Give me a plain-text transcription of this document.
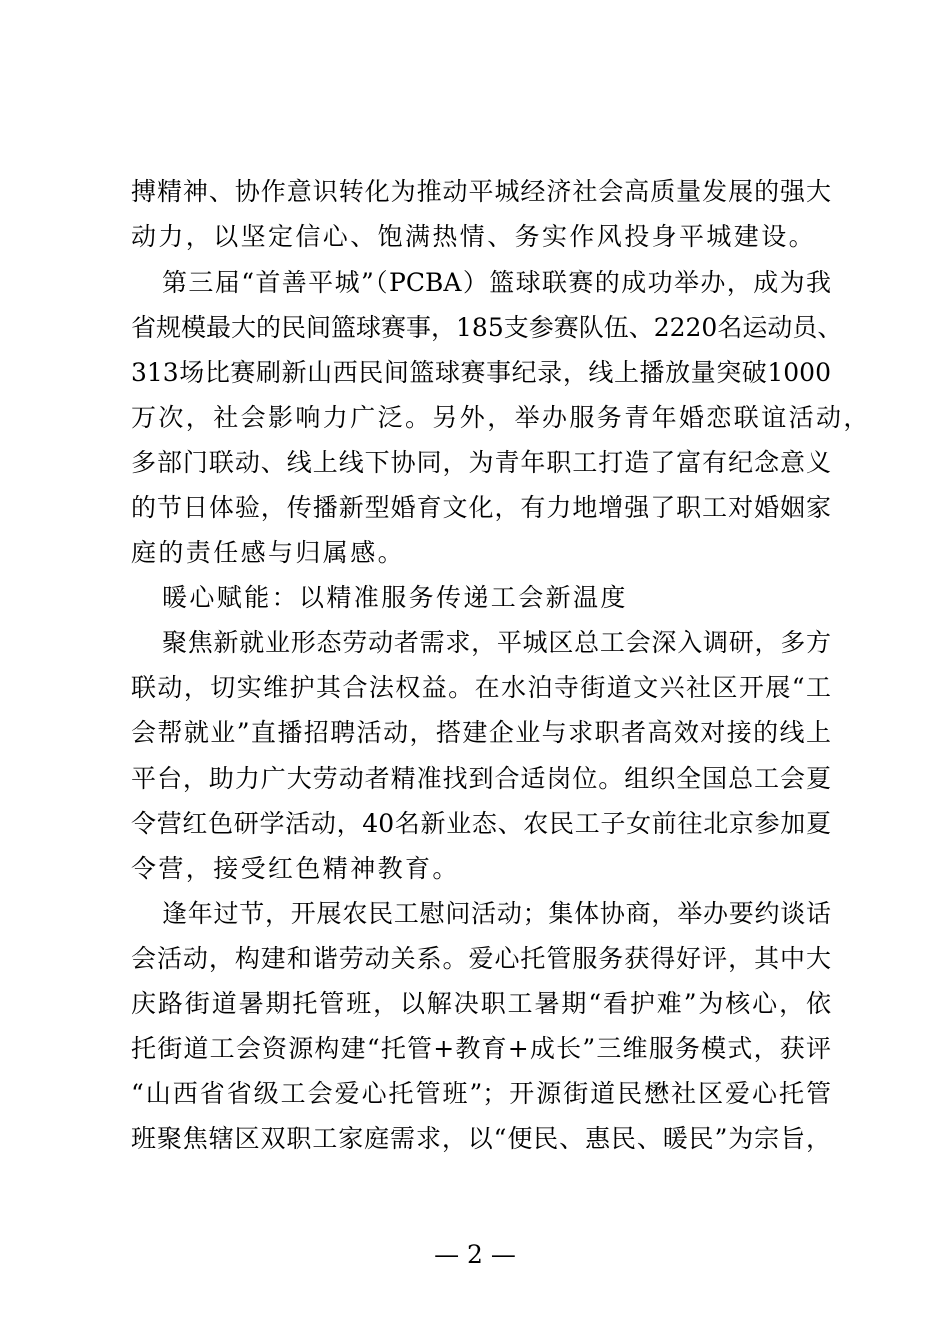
搏精神、协作意识转化为推动平城经济社会高质量发展的强大
动力，以坚定信心、饱满热情、务实作风投身平城建设。
第三届“首善平城”（PCBA）篮球联赛的成功举办，成为我
省规模最大的民间篮球赛事，185支参赛队伍、2220名运动员、
313场比赛刷新山西民间篮球赛事纪录，线上播放量突破1000
万次，社会影响力广泛。另外，举办服务青年婚恋联谊活动，
多部门联动、线上线下协同，为青年职工打造了富有纪念意义
的节日体验，传播新型婚育文化，有力地增强了职工对婚姻家
庭的责任感与归属感。
暖心赋能：以精准服务传递工会新温度
聚焦新就业形态劳动者需求，平城区总工会深入调研，多方
联动，切实维护其合法权益。在水泊寺街道文兴社区开展“工
会帮就业”直播招聘活动，搭建企业与求职者高效对接的线上
平台，助力广大劳动者精准找到合适岗位。组织全国总工会夏
令营红色研学活动，40名新业态、农民工子女前往北京参加夏
令营，接受红色精神教育。
逢年过节，开展农民工慰问活动；集体协商，举办要约谈话
会活动，构建和谐劳动关系。爱心托管服务获得好评，其中大
庆路街道暑期托管班，以解决职工暑期“看护难”为核心，依
托街道工会资源构建“托管+教育+成长”三维服务模式，获评
“山西省省级工会爱心托管班”；开源街道民懋社区爱心托管
班聚焦辖区双职工家庭需求，以“便民、惠民、暖民”为宗旨，
— 2 —
